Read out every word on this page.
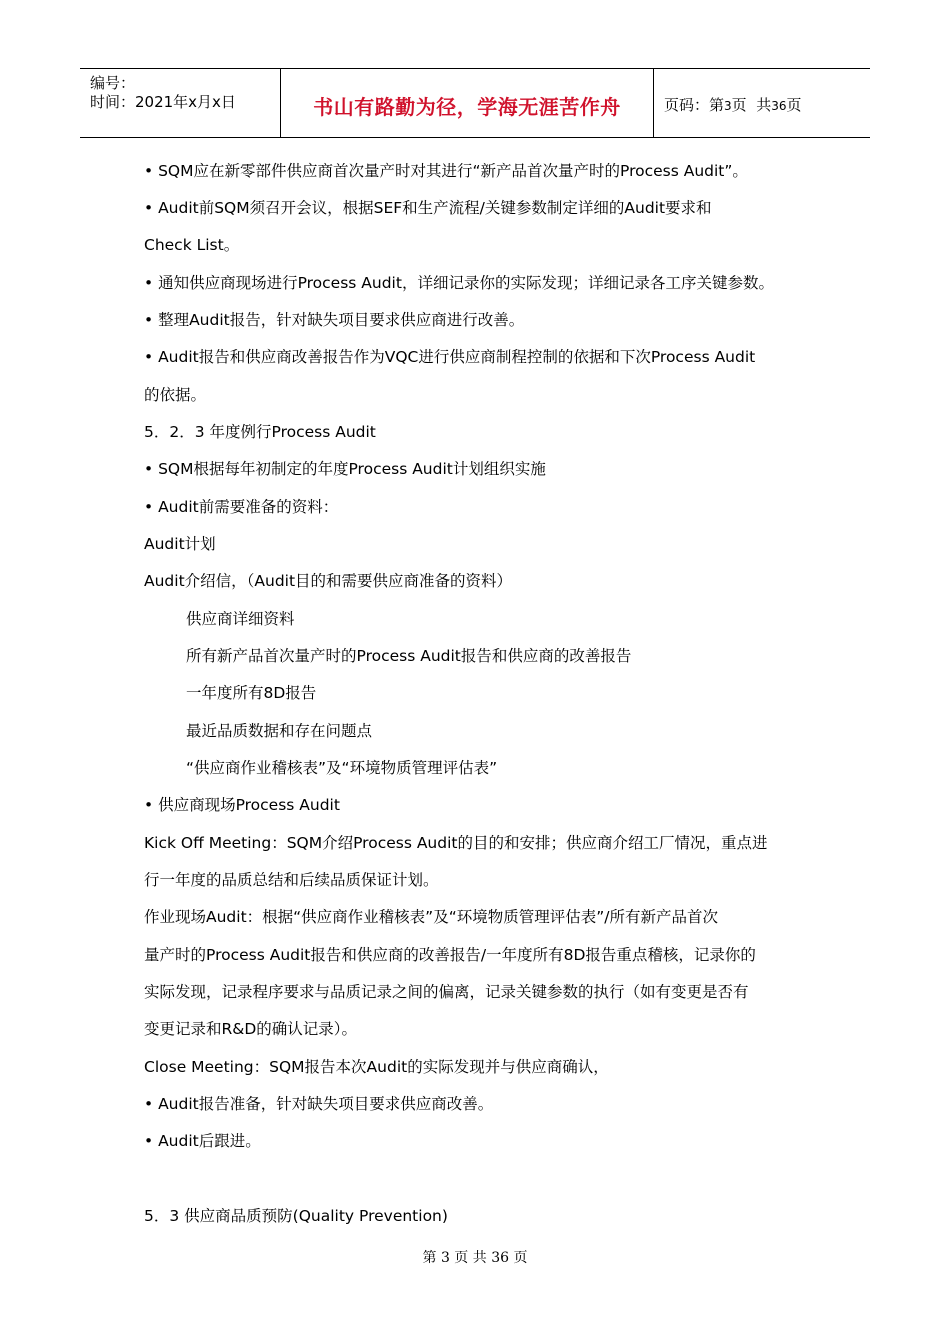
编号：
时间：2021年x月x日	书山有路勤为径，学海无涯苦作舟	页码：第3页  共36页
• SQM应在新零部件供应商首次量产时对其进行“新产品首次量产时的Process Audit”。
• Audit前SQM须召开会议，根据SEF和生产流程/关键参数制定详细的Audit要求和
Check List。
• 通知供应商现场进行Process Audit，详细记录你的实际发现；详细记录各工序关键参数。
• 整理Audit报告，针对缺失项目要求供应商进行改善。
• Audit报告和供应商改善报告作为VQC进行供应商制程控制的依据和下次Process Audit
的依据。
5．2．3 年度例行Process Audit
• SQM根据每年初制定的年度Process Audit计划组织实施
• Audit前需要准备的资料：
Audit计划
Audit介绍信，（Audit目的和需要供应商准备的资料）
供应商详细资料
所有新产品首次量产时的Process Audit报告和供应商的改善报告
一年度所有8D报告
最近品质数据和存在问题点
“供应商作业稽核表”及“环境物质管理评估表”
• 供应商现场Process Audit
Kick Off Meeting：SQM介绍Process Audit的目的和安排；供应商介绍工厂情况，重点进
行一年度的品质总结和后续品质保证计划。
作业现场Audit：根据“供应商作业稽核表”及“环境物质管理评估表”/所有新产品首次
量产时的Process Audit报告和供应商的改善报告/一年度所有8D报告重点稽核，记录你的
实际发现，记录程序要求与品质记录之间的偏离，记录关键参数的执行（如有变更是否有
变更记录和R&D的确认记录）。
Close Meeting：SQM报告本次Audit的实际发现并与供应商确认，
• Audit报告准备，针对缺失项目要求供应商改善。
• Audit后跟进。
5．3 供应商品质预防(Quality Prevention)
第 3 页 共 36 页
